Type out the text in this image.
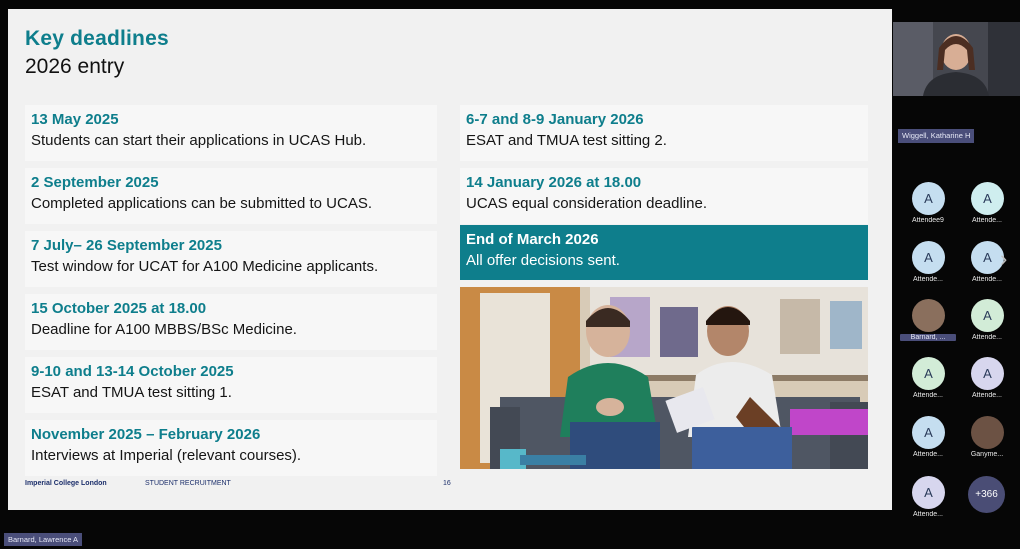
Key deadlines
2026 entry
13 May 2025
Students can start their applications in UCAS Hub.
2 September 2025
Completed applications can be submitted to UCAS.
7 July– 26 September 2025
Test window for UCAT for A100 Medicine applicants.
15 October 2025 at 18.00
Deadline for A100 MBBS/BSc Medicine.
9-10 and 13-14 October 2025
ESAT and TMUA test sitting 1.
November 2025 – February 2026
Interviews at Imperial (relevant courses).
6-7 and 8-9 January 2026
ESAT and TMUA test sitting 2.
14 January 2026 at 18.00
UCAS equal consideration deadline.
End of March 2026
All offer decisions sent.
Imperial College London	STUDENT RECRUITMENT	16
Wiggell, Katharine H
A
Attendee9
A
Attende...
A
Attende...
A
Attende...
Barnard, ...
A
Attende...
A
Attende...
A
Attende...
A
Attende...	Ganyme...
A
Attende...
+366
›
Barnard, Lawrence A
